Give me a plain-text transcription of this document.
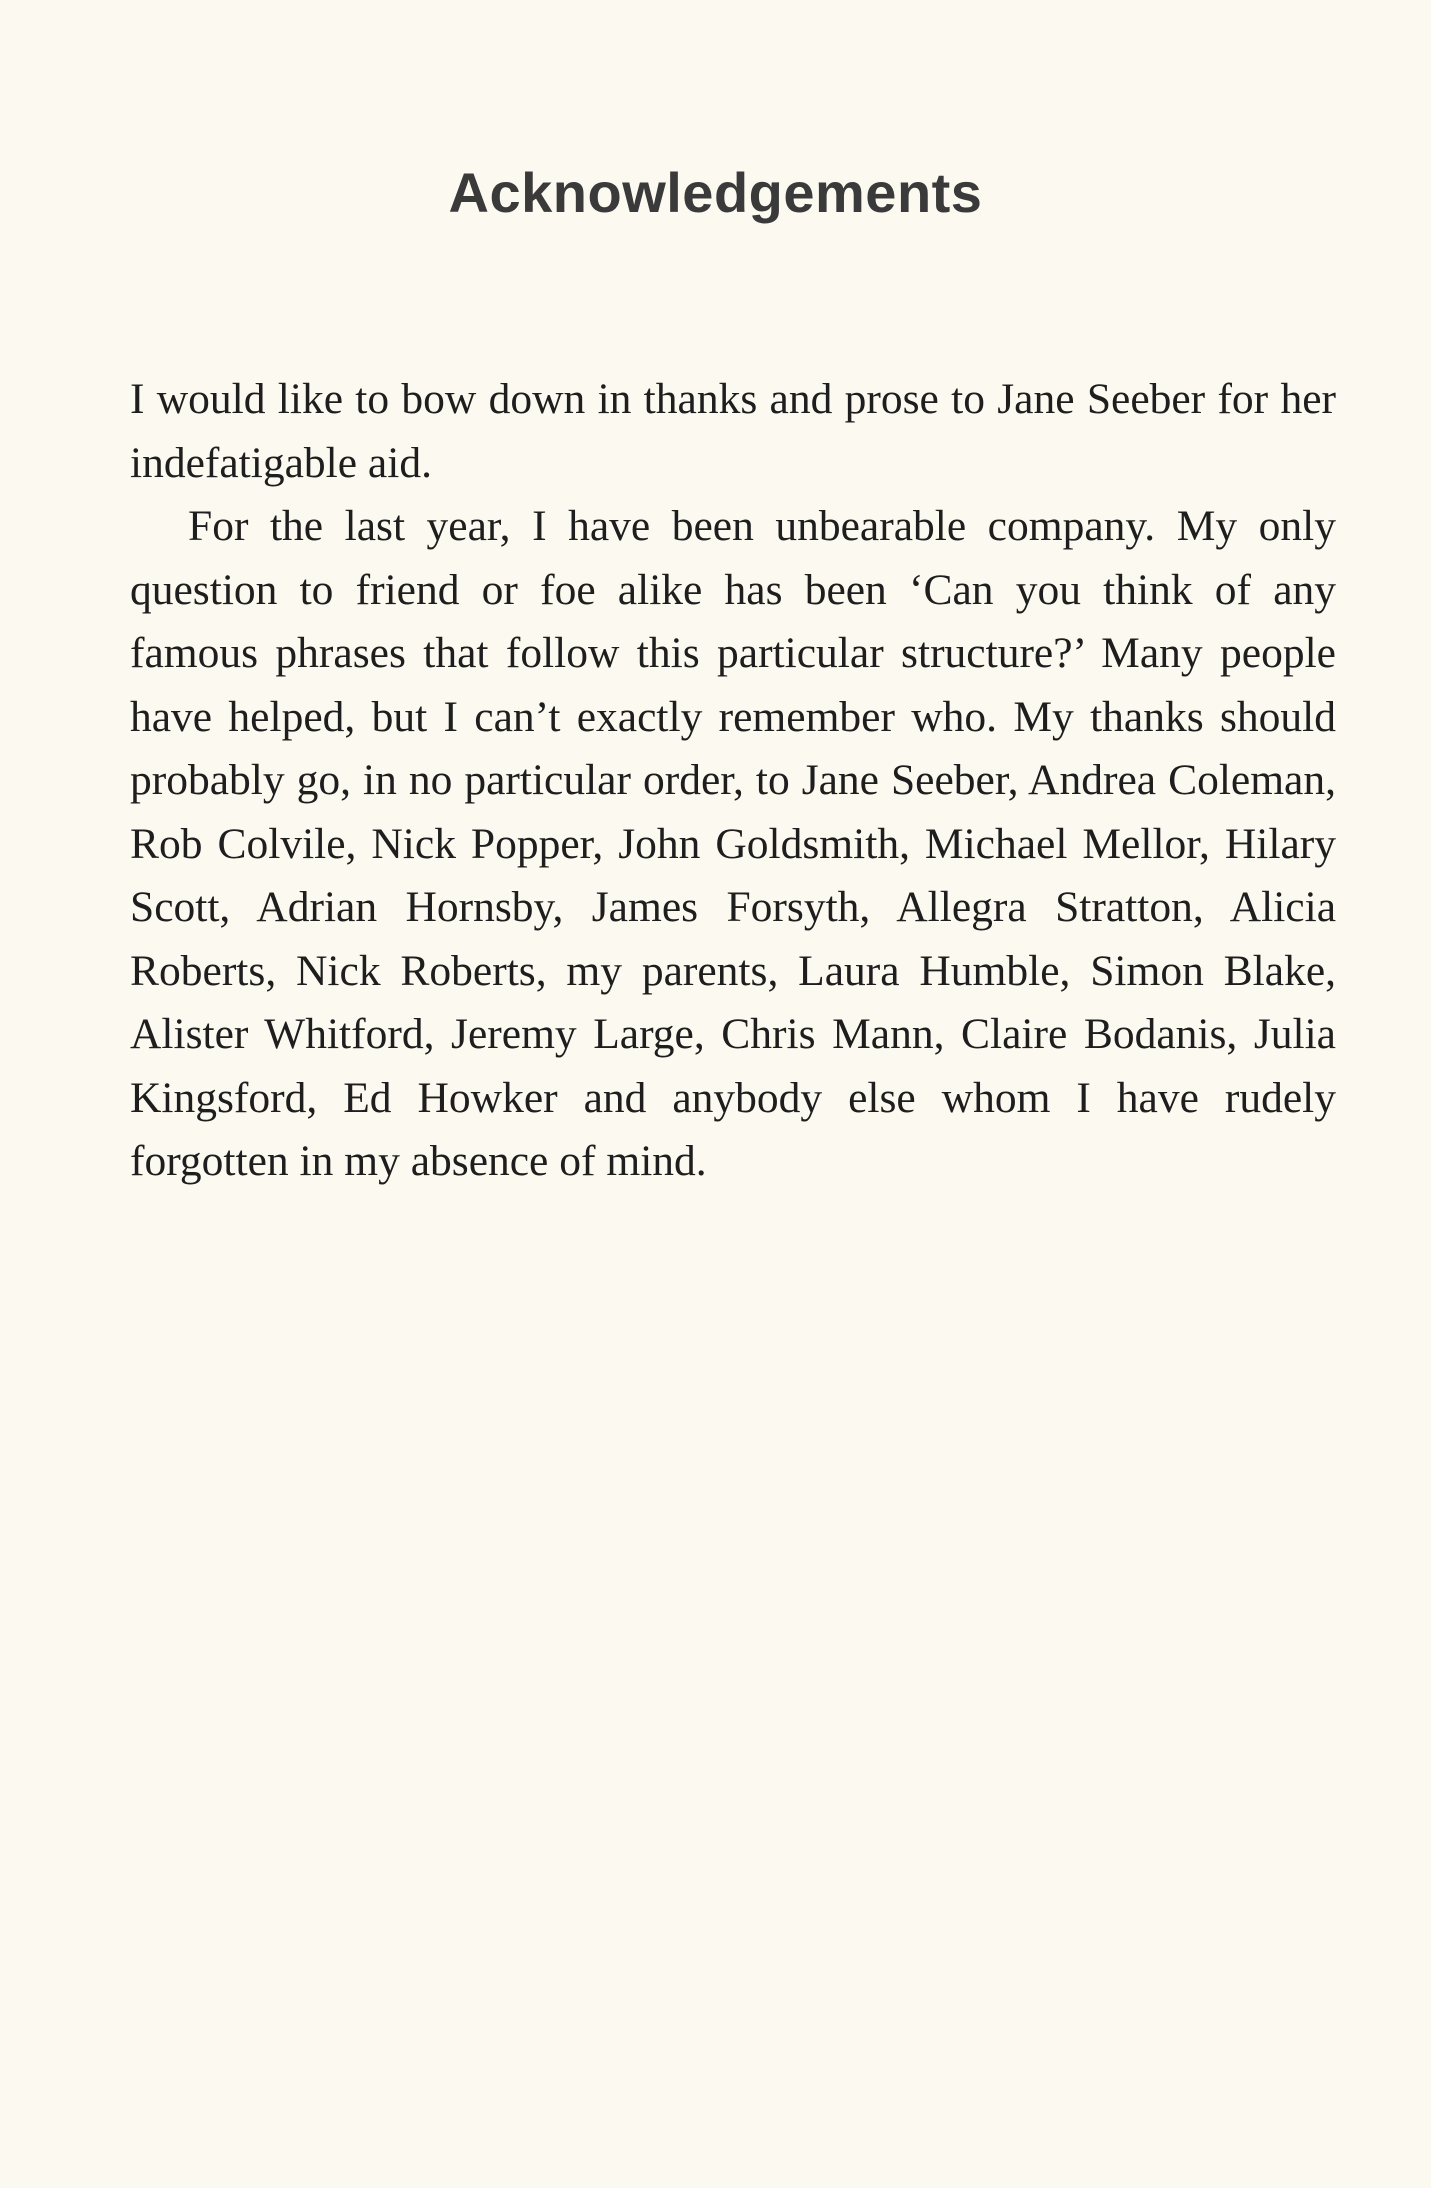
Acknowledgements

I would like to bow down in thanks and prose to Jane Seeber for her indefatigable aid.

For the last year, I have been unbearable company. My only question to friend or foe alike has been ‘Can you think of any famous phrases that follow this particular structure?’ Many people have helped, but I can’t exactly remember who. My thanks should probably go, in no particular order, to Jane Seeber, Andrea Coleman, Rob Colvile, Nick Popper, John Goldsmith, Michael Mellor, Hilary Scott, Adrian Hornsby, James Forsyth, Allegra Stratton, Alicia Roberts, Nick Roberts, my parents, Laura Humble, Simon Blake, Alister Whitford, Jeremy Large, Chris Mann, Claire Bodanis, Julia Kingsford, Ed Howker and anybody else whom I have rudely forgotten in my absence of mind.
